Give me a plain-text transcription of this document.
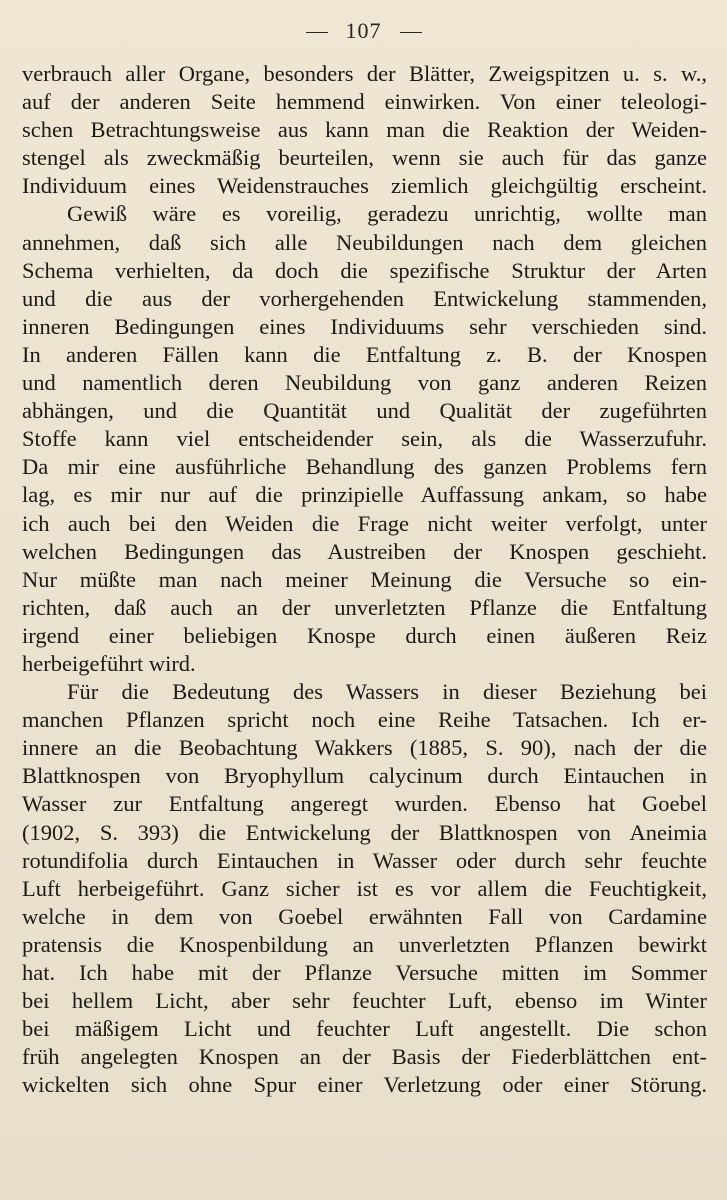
107
verbrauch aller Organe, besonders der Blätter, Zweigspitzen u. s. w.,
auf der anderen Seite hemmend einwirken. Von einer teleologi-
schen Betrachtungsweise aus kann man die Reaktion der Weiden-
stengel als zweckmäßig beurteilen, wenn sie auch für das ganze
Individuum eines Weidenstrauches ziemlich gleichgültig erscheint.
Gewiß wäre es voreilig, geradezu unrichtig, wollte man
annehmen, daß sich alle Neubildungen nach dem gleichen
Schema verhielten, da doch die spezifische Struktur der Arten
und die aus der vorhergehenden Entwickelung stammenden,
inneren Bedingungen eines Individuums sehr verschieden sind.
In anderen Fällen kann die Entfaltung z. B. der Knospen
und namentlich deren Neubildung von ganz anderen Reizen
abhängen, und die Quantität und Qualität der zugeführten
Stoffe kann viel entscheidender sein, als die Wasserzufuhr.
Da mir eine ausführliche Behandlung des ganzen Problems fern
lag, es mir nur auf die prinzipielle Auffassung ankam, so habe
ich auch bei den Weiden die Frage nicht weiter verfolgt, unter
welchen Bedingungen das Austreiben der Knospen geschieht.
Nur müßte man nach meiner Meinung die Versuche so ein-
richten, daß auch an der unverletzten Pflanze die Entfaltung
irgend einer beliebigen Knospe durch einen äußeren Reiz
herbeigeführt wird.
Für die Bedeutung des Wassers in dieser Beziehung bei
manchen Pflanzen spricht noch eine Reihe Tatsachen. Ich er-
innere an die Beobachtung Wakkers (1885, S. 90), nach der die
Blattknospen von Bryophyllum calycinum durch Eintauchen in
Wasser zur Entfaltung angeregt wurden. Ebenso hat Goebel
(1902, S. 393) die Entwickelung der Blattknospen von Aneimia
rotundifolia durch Eintauchen in Wasser oder durch sehr feuchte
Luft herbeigeführt. Ganz sicher ist es vor allem die Feuchtigkeit,
welche in dem von Goebel erwähnten Fall von Cardamine
pratensis die Knospenbildung an unverletzten Pflanzen bewirkt
hat. Ich habe mit der Pflanze Versuche mitten im Sommer
bei hellem Licht, aber sehr feuchter Luft, ebenso im Winter
bei mäßigem Licht und feuchter Luft angestellt. Die schon
früh angelegten Knospen an der Basis der Fiederblättchen ent-
wickelten sich ohne Spur einer Verletzung oder einer Störung.
